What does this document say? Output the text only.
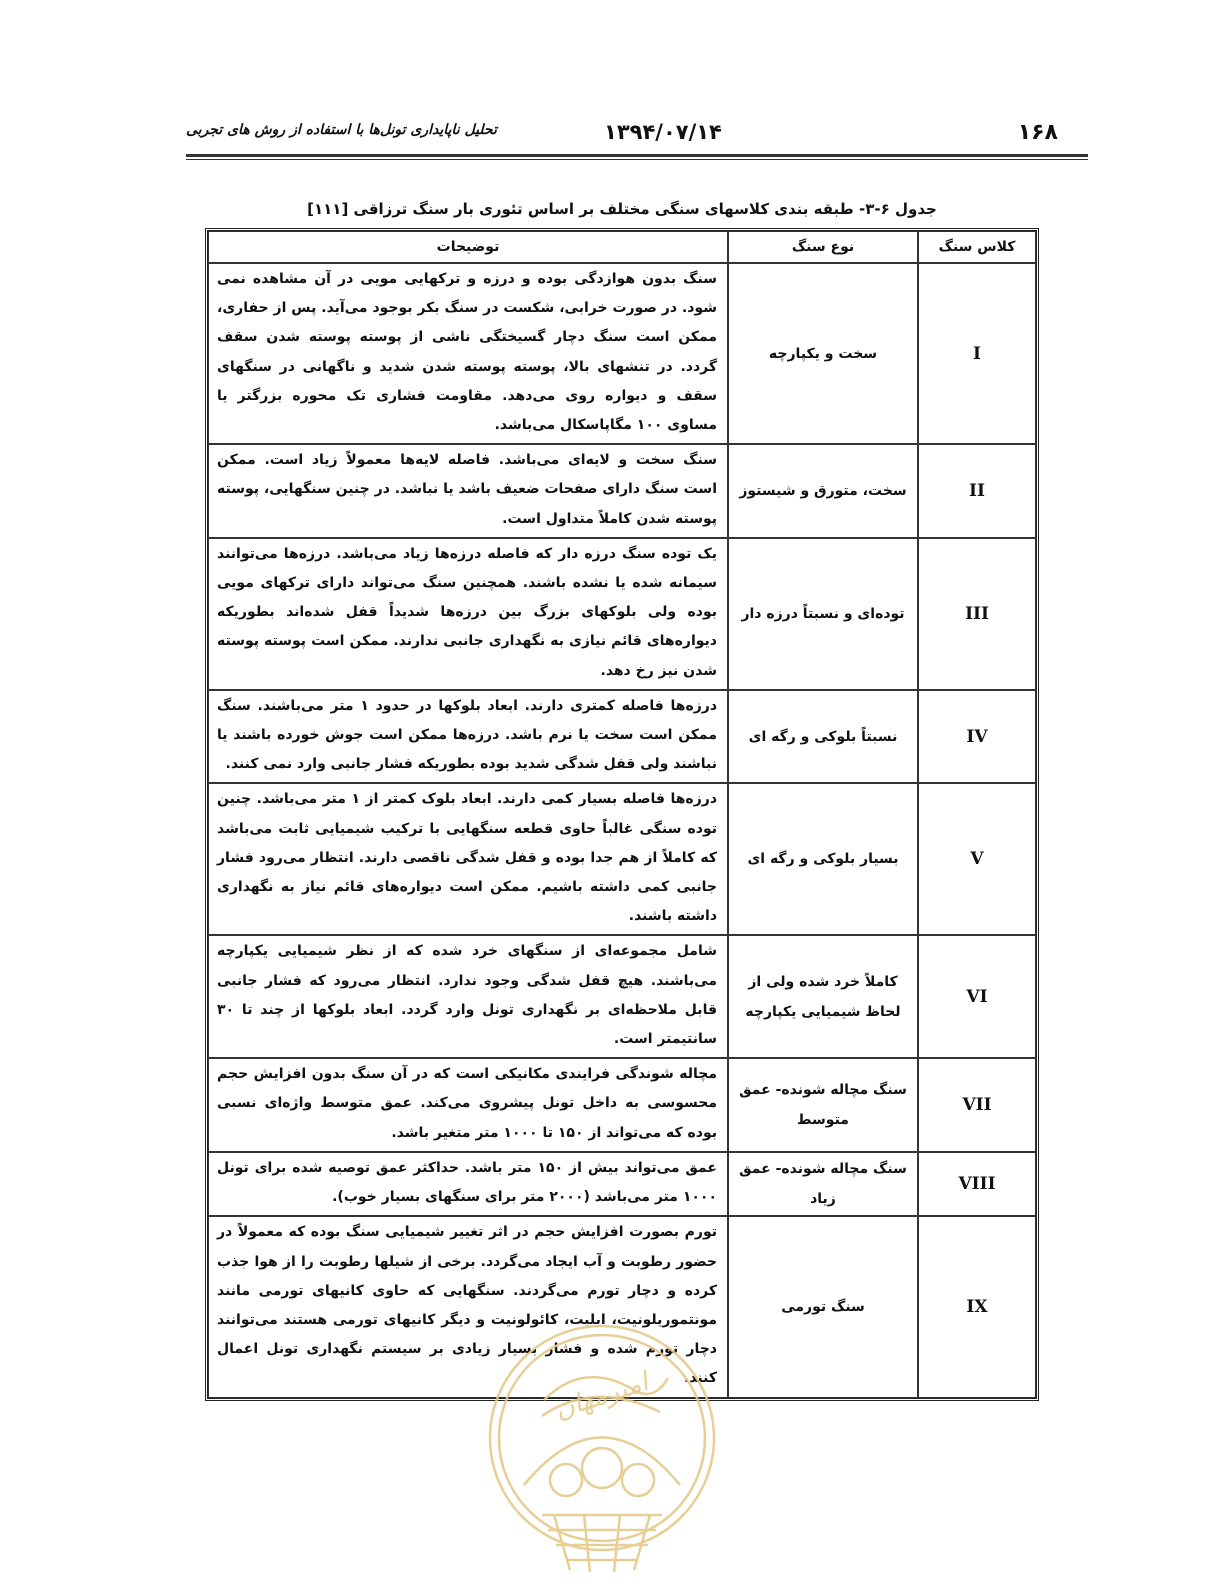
۱۶۸
۱۳۹۴/۰۷/۱۴
تحلیل ناپایداری تونل‌ها با استفاده از روش های تجربی
جدول ۶-۳- طبقه بندی کلاسهای سنگی مختلف بر اساس تئوری بار سنگ ترزاقی [۱۱۱]
کلاس سنگ	نوع سنگ	توضیحات
I	سخت و یکپارچه	سنگ بدون هوازدگی بوده و درزه و ترکهایی مویی در آن مشاهده نمی شود. در صورت خرابی، شکست در سنگ بکر بوجود می‌آید. پس از حفاری، ممکن است سنگ دچار گسیختگی ناشی از پوسته پوسته شدن سقف گردد. در تنشهای بالا، پوسته پوسته شدن شدید و ناگهانی در سنگهای سقف و دیواره روی می‌دهد. مقاومت فشاری تک محوره بزرگتر یا مساوی ۱۰۰ مگاپاسکال می‌باشد.
II	سخت، متورق و شیستوز	سنگ سخت و لایه‌ای می‌باشد. فاصله لایه‌ها معمولاً زیاد است. ممکن است سنگ دارای صفحات ضعیف باشد یا نباشد. در چنین سنگهایی، پوسته پوسته شدن کاملاً متداول است.
III	توده‌ای و نسبتاً درزه دار	یک توده سنگ درزه دار که فاصله درزه‌ها زیاد می‌باشد. درزه‌ها می‌توانند سیمانه شده یا نشده باشند. همچنین سنگ می‌تواند دارای ترکهای مویی بوده ولی بلوکهای بزرگ بین درزه‌ها شدیداً قفل شده‌اند بطوریکه دیواره‌های قائم نیازی به نگهداری جانبی ندارند. ممکن است پوسته پوسته شدن نیز رخ دهد.
IV	نسبتاً بلوکی و رگه ای	درزه‌ها فاصله کمتری دارند. ابعاد بلوکها در حدود ۱ متر می‌باشند. سنگ ممکن است سخت یا نرم باشد. درزه‌ها ممکن است جوش خورده باشند یا نباشند ولی قفل شدگی شدید بوده بطوریکه فشار جانبی وارد نمی کنند.
V	بسیار بلوکی و رگه ای	درزه‌ها فاصله بسیار کمی دارند. ابعاد بلوک کمتر از ۱ متر می‌باشد. چنین توده سنگی غالباً حاوی قطعه سنگهایی با ترکیب شیمیایی ثابت می‌باشد که کاملاً از هم جدا بوده و قفل شدگی ناقصی دارند. انتظار می‌رود فشار جانبی کمی داشته باشیم. ممکن است دیواره‌های قائم نیاز به نگهداری داشته باشند.
VI	کاملاً خرد شده ولی از لحاظ شیمیایی یکپارچه	شامل مجموعه‌ای از سنگهای خرد شده که از نظر شیمیایی یکپارچه می‌باشند. هیچ قفل شدگی وجود ندارد. انتظار می‌رود که فشار جانبی قابل ملاحظه‌ای بر نگهداری تونل وارد گردد. ابعاد بلوکها از چند تا ۳۰ سانتیمتر است.
VII	سنگ مچاله شونده- عمق متوسط	مچاله شوندگی فرایندی مکانیکی است که در آن سنگ بدون افزایش حجم محسوسی به داخل تونل پیشروی می‌کند. عمق متوسط واژه‌ای نسبی بوده که می‌تواند از ۱۵۰ تا ۱۰۰۰ متر متغیر باشد.
VIII	سنگ مچاله شونده- عمق زیاد	عمق می‌تواند بیش از ۱۵۰ متر باشد. حداکثر عمق توصیه شده برای تونل ۱۰۰۰ متر می‌باشد (۲۰۰۰ متر برای سنگهای بسیار خوب).
IX	سنگ تورمی	تورم بصورت افزایش حجم در اثر تغییر شیمیایی سنگ بوده که معمولاً در حضور رطوبت و آب ایجاد می‌گردد. برخی از شیلها رطوبت را از هوا جذب کرده و دچار تورم می‌گردند. سنگهایی که حاوی کانیهای تورمی مانند مونتموریلونیت، ایلیت، کائولونیت و دیگر کانیهای تورمی هستند می‌توانند دچار تورم شده و فشار بسیار زیادی بر سیستم نگهداری تونل اعمال کنند.
امیرمهان
